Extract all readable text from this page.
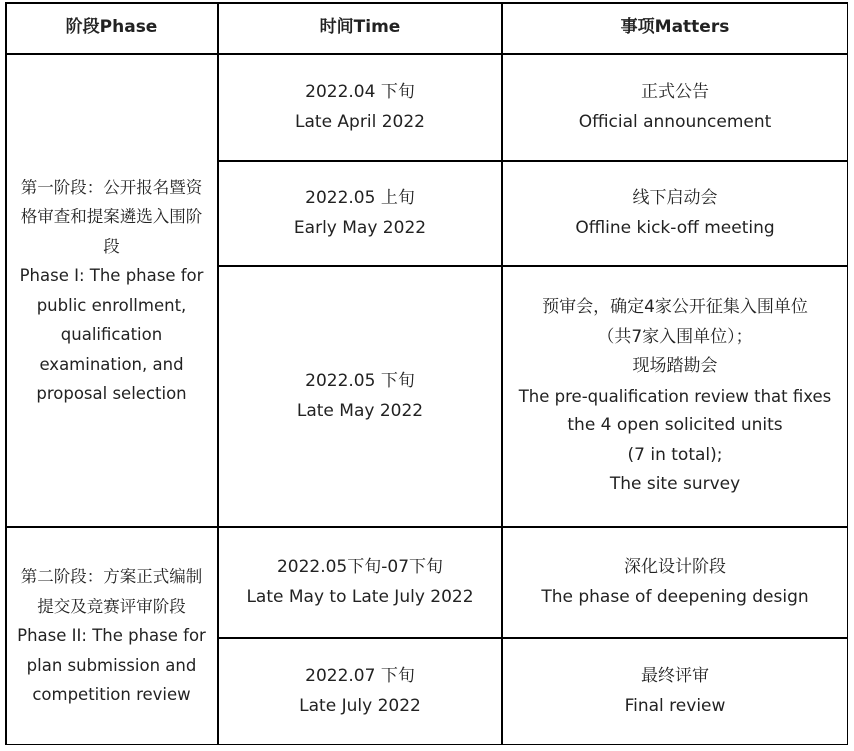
阶段Phase	时间Time	事项Matters
第一阶段：公开报名暨资
格审查和提案遴选入围阶
段
Phase I: The phase for
public enrollment,
qualification
examination, and
proposal selection
第二阶段：方案正式编制
提交及竞赛评审阶段
Phase II: The phase for
plan submission and
competition review
2022.04 下旬
Late April 2022
2022.05 上旬
Early May 2022
2022.05 下旬
Late May 2022
2022.05下旬-07下旬
Late May to Late July 2022
2022.07 下旬
Late July 2022
正式公告
Official announcement
线下启动会
Offline kick-off meeting
预审会，确定4家公开征集入围单位
（共7家入围单位）；
现场踏勘会
The pre-qualification review that fixes
the 4 open solicited units
(7 in total);
The site survey
深化设计阶段
The phase of deepening design
最终评审
Final review
